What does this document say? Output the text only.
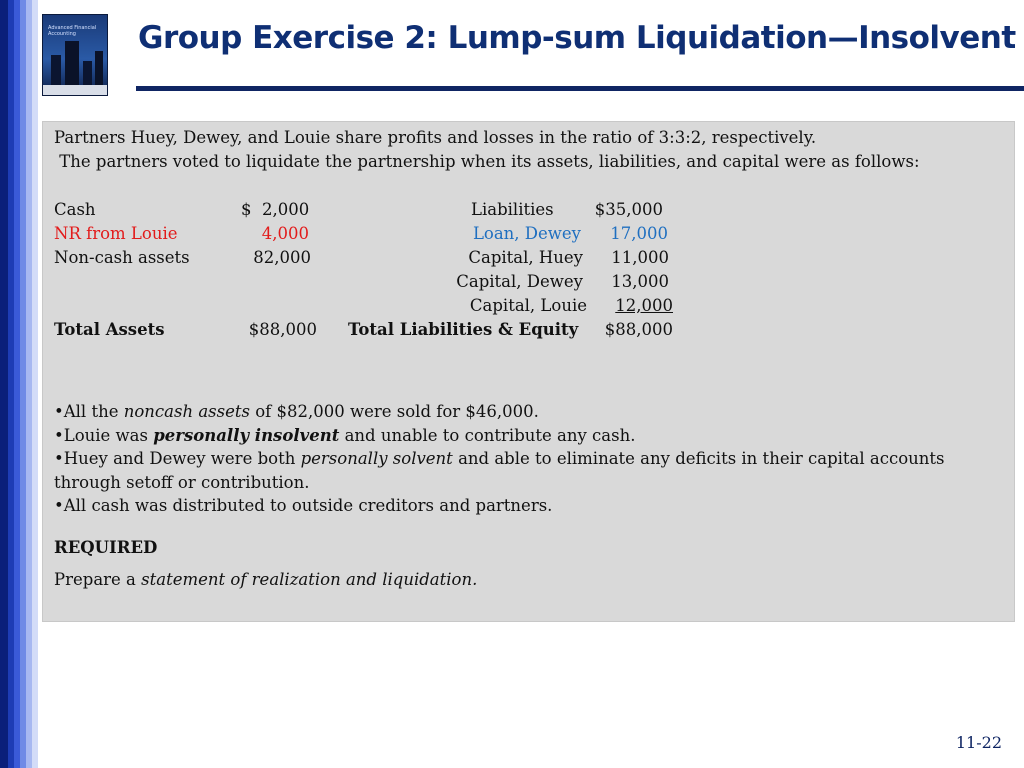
Advanced Financial Accounting	Group Exercise 2: Lump-sum Liquidation—Insolvent
Partners Huey, Dewey, and Louie share profits and losses in the ratio of 3:3:2, respectively.
The partners voted to liquidate the partnership when its assets, liabilities, and capital were as follows:
Cash	$  2,000
NR from Louie	4,000
Non-cash assets	82,000
Liabilities	$35,000
Loan, Dewey	17,000
Capital, Huey	11,000
Capital, Dewey	13,000
Capital, Louie	12,000
Total Assets	$88,000 Total Liabilities & Equity	$88,000
•All the noncash assets of $82,000 were sold for $46,000.
•Louie was personally insolvent and unable to contribute any cash.
•Huey and Dewey were both personally solvent and able to eliminate any deficits in their capital accounts through setoff or contribution.
•All cash was distributed to outside creditors and partners.
REQUIRED
Prepare a statement of realization and liquidation.
11-22
